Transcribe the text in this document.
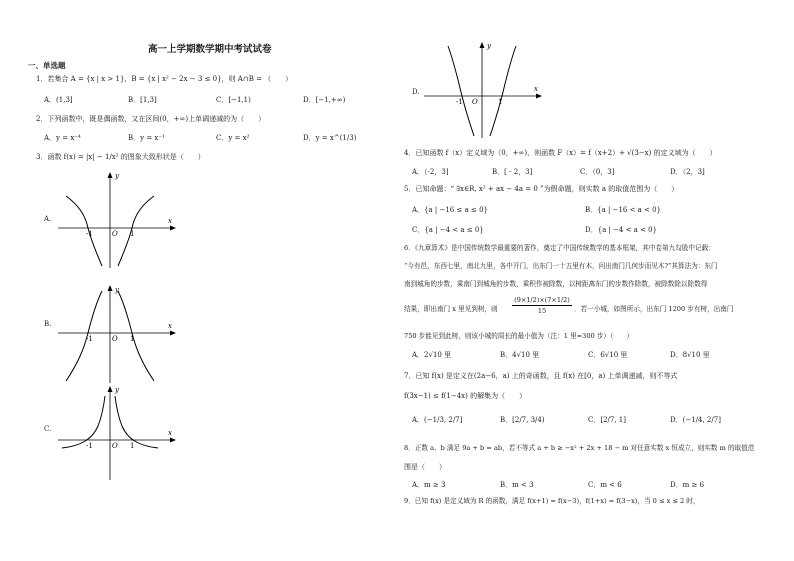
高一上学期数学期中考试试卷
一、单选题
1．若集合 A = {x | x > 1}，B = {x | x² − 2x − 3 ≤ 0}，则 A∩B = （　　）
A．(1,3]	B．[1,3]	C．[−1,1)	D．[−1,+∞)
2．下列函数中，既是偶函数，又在区间(0，+∞)上单调递减的为（　　）
A．y = x⁻⁴	B．y = x⁻¹	C．y = x²	D．y = x^(1/3)
3．函数 f(x) = |x| − 1/x² 的图象大致形状是（　　）
A.	x
y
O
-1	1
B.	x
y
O
-1	1
C.	x
y
O
-1	1
D.	x
y
O
-1	1
4．已知函数 f（x）定义域为（0，+∞)，则函数 F（x）= f（x+2）+ √(3−x) 的定义域为（　　）
A．（-2，3]	B．[ - 2，3]	C．（0，3]	D．（2，3]
5．已知命题：“ ∃x∈R, x² + ax − 4a = 0 ”为假命题，则实数 a 的取值范围为（　　）
A．{a | −16 ≤ a ≤ 0}	B．{a | −16 < a < 0}
C．{a | −4 < a ≤ 0}	D．{a | −4 < a < 0}
6．《九章算术》是中国传统数学最重要的著作，奠定了中国传统数学的基本框架，其中卷第九勾股中记载：
“今有邑，东西七里，南北九里，各中开门，出东门一十五里有木，问出南门几何步而见木?”其算法为：东门
南到城角的步数，乘南门到城角的步数，乘积作被除数，以树距离东门的步数作除数，被除数除以除数得
结果，即出南门 x 里见到树，则 $\frac{(9\times 1/2)\times(7\times 1/2)}{15}$ ．若一小城，如图所示，出东门 1200 步有树，出南门
750 步能见到此树，则该小城的周长的最小值为（注：1 里=300 步）（　　）
A．2√10 里	B．4√10 里	C．6√10 里	D．8√10 里
7．已知 f(x) 是定义在(2a−6，a) 上的奇函数，且 f(x) 在[0，a) 上单调递减，则不等式
f(3x−1) ≤ f(1−4x) 的解集为（　　）
A．(−1/3, 2/7]	B．[2/7, 3/4)	C．[2/7, 1]	D．(−1/4, 2/7]
8．正数 a、b 满足 9a + b = ab，若不等式 a + b ≥ −x² + 2x + 18 − m 对任意实数 x 恒成立，则实数 m 的取值范
围是（　　）
A．m ≥ 3	B．m < 3	C．m < 6	D．m ≥ 6
9．已知 f(x) 是定义域为 R 的函数，满足 f(x+1) = f(x−3)，f(1+x) = f(3−x)，当 0 ≤ x ≤ 2 时，
